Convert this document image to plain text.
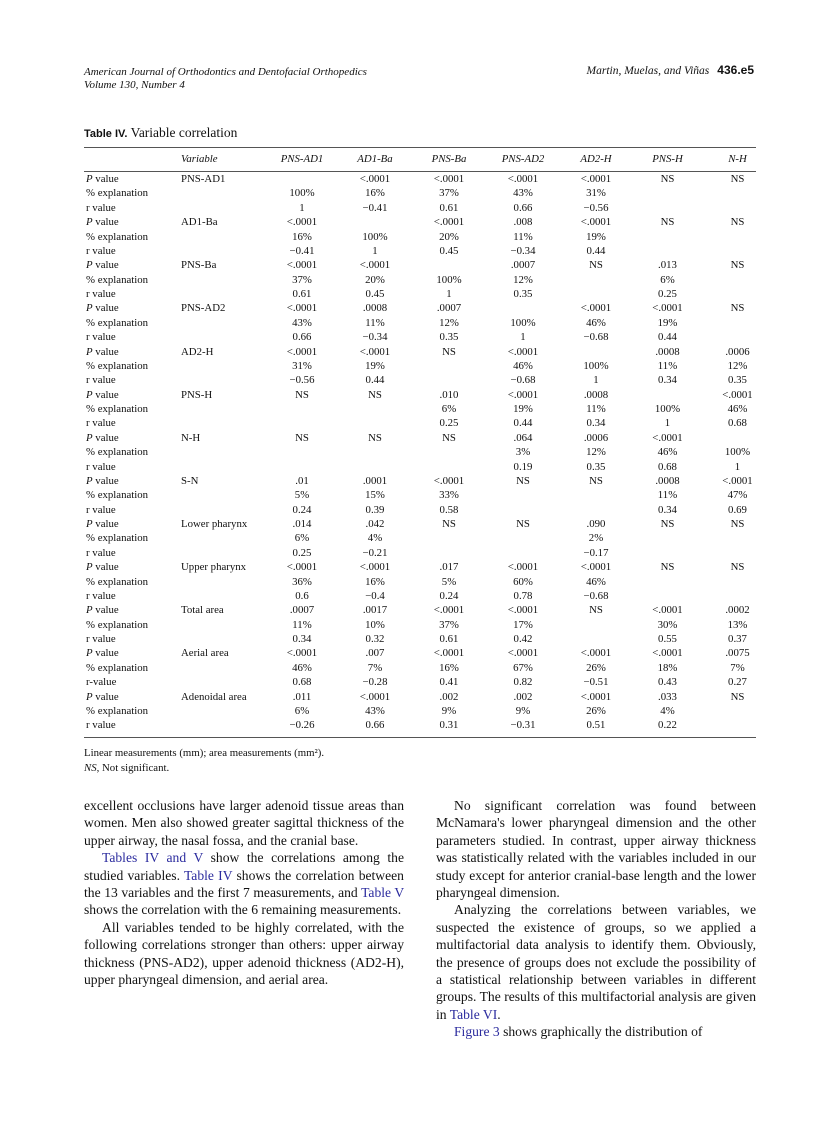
American Journal of Orthodontics and Dentofacial Orthopedics
Volume 130, Number 4
Martin, Muelas, and Viñas 436.e5
Table IV. Variable correlation
	Variable	PNS-AD1	AD1-Ba	PNS-Ba	PNS-AD2	AD2-H	PNS-H	N-H
P value	PNS-AD1		<.0001	<.0001	<.0001	<.0001	NS	NS
% explanation		100%	16%	37%	43%	31%		
r value		1	−0.41	0.61	0.66	−0.56		
P value	AD1-Ba	<.0001		<.0001	.008	<.0001	NS	NS
% explanation		16%	100%	20%	11%	19%		
r value		−0.41	1	0.45	−0.34	0.44		
P value	PNS-Ba	<.0001	<.0001		.0007	NS	.013	NS
% explanation		37%	20%	100%	12%		6%	
r value		0.61	0.45	1	0.35		0.25	
P value	PNS-AD2	<.0001	.0008	.0007		<.0001	<.0001	NS
% explanation		43%	11%	12%	100%	46%	19%	
r value		0.66	−0.34	0.35	1	−0.68	0.44	
P value	AD2-H	<.0001	<.0001	NS	<.0001		.0008	.0006
% explanation		31%	19%		46%	100%	11%	12%
r value		−0.56	0.44		−0.68	1	0.34	0.35
P value	PNS-H	NS	NS	.010	<.0001	.0008		<.0001
% explanation				6%	19%	11%	100%	46%
r value				0.25	0.44	0.34	1	0.68
P value	N-H	NS	NS	NS	.064	.0006	<.0001	
% explanation					3%	12%	46%	100%
r value					0.19	0.35	0.68	1
P value	S-N	.01	.0001	<.0001	NS	NS	.0008	<.0001
% explanation		5%	15%	33%			11%	47%
r value		0.24	0.39	0.58			0.34	0.69
P value	Lower pharynx	.014	.042	NS	NS	.090	NS	NS
% explanation		6%	4%			2%		
r value		0.25	−0.21			−0.17		
P value	Upper pharynx	<.0001	<.0001	.017	<.0001	<.0001	NS	NS
% explanation		36%	16%	5%	60%	46%		
r value		0.6	−0.4	0.24	0.78	−0.68		
P value	Total area	.0007	.0017	<.0001	<.0001	NS	<.0001	.0002
% explanation		11%	10%	37%	17%		30%	13%
r value		0.34	0.32	0.61	0.42		0.55	0.37
P value	Aerial area	<.0001	.007	<.0001	<.0001	<.0001	<.0001	.0075
% explanation		46%	7%	16%	67%	26%	18%	7%
r-value		0.68	−0.28	0.41	0.82	−0.51	0.43	0.27
P value	Adenoidal area	.011	<.0001	.002	.002	<.0001	.033	NS
% explanation		6%	43%	9%	9%	26%	4%	
r value		−0.26	0.66	0.31	−0.31	0.51	0.22	
Linear measurements (mm); area measurements (mm²).
NS, Not significant.

excellent occlusions have larger adenoid tissue areas than women. Men also showed greater sagittal thickness of the upper airway, the nasal fossa, and the cranial base.

Tables IV and V show the correlations among the studied variables. Table IV shows the correlation between the 13 variables and the first 7 measurements, and Table V shows the correlation with the 6 remaining measurements.

All variables tended to be highly correlated, with the following correlations stronger than others: upper airway thickness (PNS-AD2), upper adenoid thickness (AD2-H), upper pharyngeal dimension, and aerial area.

No significant correlation was found between McNamara's lower pharyngeal dimension and the other parameters studied. In contrast, upper airway thickness was statistically related with the variables included in our study except for anterior cranial-base length and the lower pharyngeal dimension.

Analyzing the correlations between variables, we suspected the existence of groups, so we applied a multifactorial data analysis to identify them. Obviously, the presence of groups does not exclude the possibility of a statistical relationship between variables in different groups. The results of this multifactorial analysis are given in Table VI.

Figure 3 shows graphically the distribution of
